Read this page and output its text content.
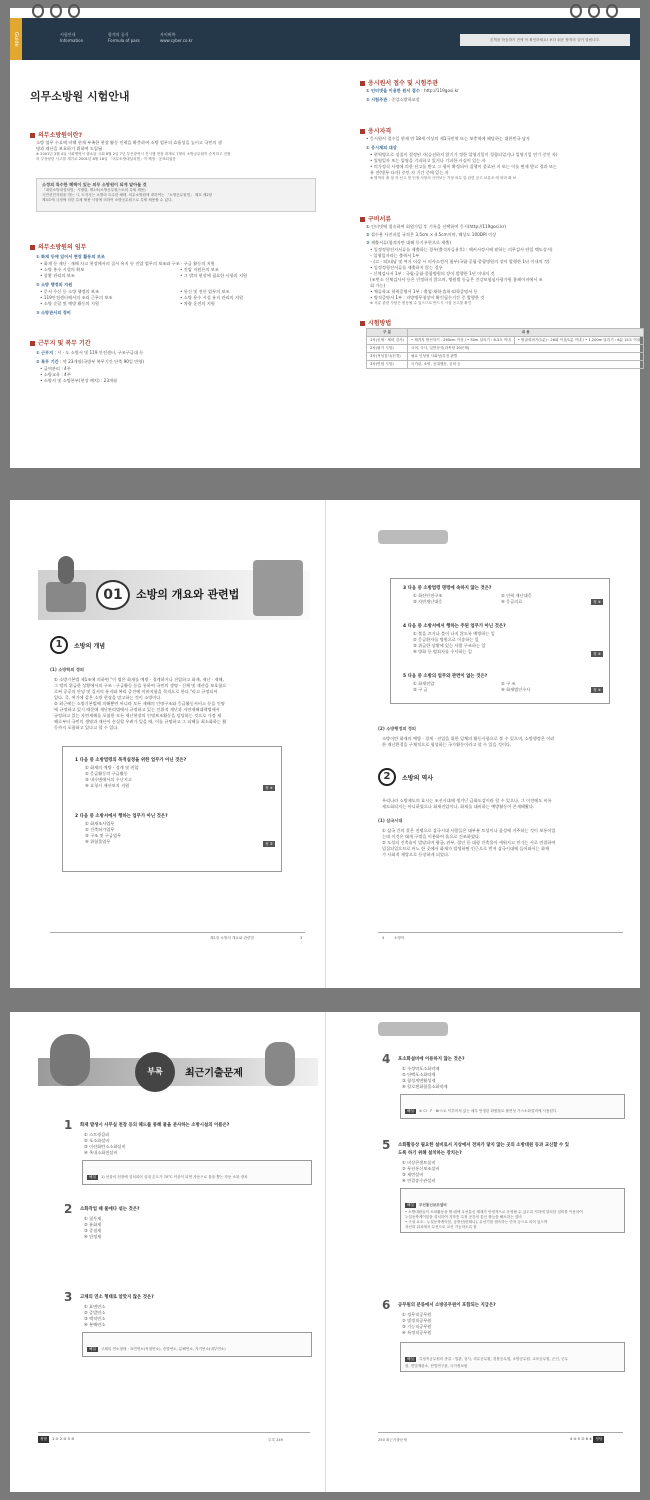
Guide	시험안내
Information
합격의 공식
Formula of pass
사이버북
www.cyber.co.kr	본책을 학습하기 전에 꼭 확인하세요! 보다 쉬운 합격의 길이 열립니다.
의무소방원 시험안내
의무소방원이란?
소방 업무 수요에 비해 현재 부족한 현장 활동 인력을 확충하여 소방 업무의 효율성을 높이고 국민의 생
명과 재산을 보호하기 위하여 도입됨
※ 2001년 3월 4일 사회병역시 출소된 국회 8월 2일 7년 부산광역시 전시행 현장 화재로 7명의 소방공무원이 순직하고 전원
의 부상당한 사고를 계기로 2001년 8월 18일 「의무소방대설치법」이 제정 · 공표되었음
소정의 특수한 혜택이 있는 의무 소방원이 되게 알아둘 것
「대한소방대설치법」시행령, 제1조(소방공무원으로의 특채 채용)
국민선전자원을 하는 시, 도지사는 소방의 특수한 혜택, 의무소방원에 대하여는 「소방공무원법」 제호 제2항
제3호에 규정에 의한 특채 채용 시험에 의하여 소방공무원으로 특채 채용할 수 있다.
의무소방원의 임무
① 화재 등에 있어서 현장 활동의 보조
• 화재 등 재난 · 재해 사고 현장에서의 질서 유지 등 진압 업무의 보조와 구조 · 구급 활동의 지원
• 소방 홍수 시설의 확보
• 상황 관리의 보조
• 진압 지원론의 보조
• 그 밖의 현장에 필요한 사항의 지원
② 소방 행정의 지원
• 문서 수신 등 소방 행정의 보조
• 119안전센터에서의 조리 근무의 보조
• 소방 순찰 및 예방 활동의 지원
• 통신 및 전산 업무의 보조
• 소방 용수 시설 유지 관리의 지원
• 차량 운전의 지원
③ 소방관서의 경비
근무지 및 복무 기간
① 근무지 : 시 · 도 소방서 및 119 안전센터, 구조구급대 등
② 복무 기간 : 약 23개월(국방부 복무기간 단축 90일 반영)
• 급여관리 : 4주
• 소방교육 : 4주
• 소방서 및 소방본부(현장 배치) : 23개월
응시원서 접수 및 시험주관
① 인터넷을 이용한 원서 접수 : http://119gosi.kr
② 시험주관 : 중앙소방학교장
응시자격
• 응시원서 접수일 현재 만 18세 이상의 제1국민역 또는 보충역에 해당하는 대한민국 남자
① 응시제외 대상
• 현역병으로 징집이 결정된 자(승선하지 않기가 정한 입영기일이 경합되었거나 입영기일 연기 중인 자)
• 입영일자 또는 입영을 기피하고 있거나 기피한 사실이 있는 자
• 의가정식 사정에 의한 선고를 받고 그 형이 확정되어 집행이 종료된 지 또는 이를 면제 받고 경과 또는
유 전(병무·다자) 중인 자 기간 중에 있는 자
※ 병역의 출 형 자 선고 및 인정 사항의 사전보는 거형 의무 및 관한 공고 보유조 에 따라 확 보
구비서류
① 인터넷에 접속하여 회원가입 후 기록을 선택하여 응시(http://119gosi.kr)
② 접수용 사진파일 규격은 3.5cm × 4.5cm이며, 해상도 100DPI 이상
③ 제출서류(합격자만 대해 등기우편으로 제출)
• 일정정형진지서류를 제출하는 경우(출석자들유후) : 해커서정시에 팔하는 의무검사 단일 맥도상서)
– 입영일자라는 출력서 1부
– (고 · 퇴)대남 및 여거 이상 시 의사소견서 첨부(국립·공립·종합병원의 장이 발행한 1년 이내의 것)
• 일정정형진서류를 제출하지 않는 경우
– 신체검사서 1부 : 국립·공립·종합병원의 장이 발행한 1년 이내의 것
(조빈소 신체검사서 등은 인정하지 않으며, 병원별 등급은 건강보험심사평가원 홈페이지에서 조
회 가능)
• 체류학교 학력증명서 1부 : 출업·재학·휴학·퇴학증명서 등
• 병적증명서 1부 : 지방병무청장이 확인필수기간 중 발행한 것
※ 서류 관련 사항은 변동될 수 있으므로 반드시 시험 공고를 확인
시험방법
구 분	내 용	
1차(신체 · 체력 검사)	• 체격지 합선하기 : 265cm 이상 / • 50m 달리기 : 8.3초 이내	• 팔굽혀펴기(1분) : 26회 이상/1분 이내 / • 1,200m 달리기 : 6분 15초 이내
2차(필기 시험)	국어, 국사, 일반상식(과목당 20문제)	
3차(적성검사/신경)	필요 인성형 사회성/특징 판별	
3차(면접 시험)	국가관, 소양, 응대행동, 공의 등	
01	소방의 개요와 관련법
1	소방의 개념
(1) 소방학의 정의
① 소방기본법 제1조에 의하면 "이 법은 화재를 예방 · 경계하거나 진압하고 화재, 재난 · 재해,
그 밖의 위급한 상황에서의 구조 · 구급활동 등을 통하여 국민의 생명 · 신체 및 재산을 보호함으
로써 공공의 안녕 및 질서의 유지와 복리 증진에 이바지함을 목적으로 한다."라고 규정되어
있다. 즉, 여기에 같은 소방 현장을 말고하는 것이 소방이다.
② 최근에는 소방기본법에 의해뿐만 아니라 모든 재해의 인명구조와 응급활동서비스 등을 인명
에 규정하고 있기 때문에 재난관리법에서 규정하고 있는 인위적 재난과 자연재해대책법에서
규정하고 있는 자연재해를 포함한 모든 재난현장의 인명보조활동을 담당하는 것으로 가정 재
해로부터 국민의 생명과 재산이 손실할 우려가 있을 때, 이를 규명하고 그 피해를 최소화하는 활
동까지 포함하고 있다고 할 수 있다.
1 다음 중 소방법령의 목적실정을 위한 업무가 아닌 것은?
① 화재의 예방 · 경계 및 진압
② 응급활동의 구급활동
③ 내수면에서의 수난지고
④ 요청시 재산보지 지원	정 ④
2 다음 중 소방서에서 행하는 업무가 아닌 것은?
① 화재조사업무
② 건축허가업무
③ 구조 및 구급업무
④ 위험물업무	정 ②
제1장 소방의 개요와 관련법	3
3 다음 중 소방법령 명령에 속하지 않는 것은?
① 화산안전구조
③ 자연재난대응
② 인력 재난대응
④ 응급의료	정 ④
4 다음 중 소방서에서 행하는 주된 업무가 아닌 것은?
① 불을 끄거나 불이 나지 않도록 예방하는 일
② 응급환자를 병원으로 이송하는 일
③ 위급한 상황에 있는 사람 구조하는 일
④ 방화 등 범죄자를 수사하는 일	정 ④
5 다음 중 소방의 업무와 관련이 없는 것은?
① 화재진압
③ 구 급
② 구 조
④ 화재범인수사	정 ④
(2) 소방행정의 정의
소방이란 화재의 예방 · 경계 · 진압을 위한 일체의 활동사항으로 볼 수 있으며, 소방행정은 이러
한 재난환경을 구체적으로 형성하는 국가활동이라고 할 수 있을 것이다.
2	소방의 역사
우리나라 소방제도의 효시는 조선시대에 생겨난 금화도감이라 할 수 있으나, 그 이전에도 비록
제도화되지는 아니하였으나 화재진압이나, 화재를 대비하는 예방활동이 존재해왔다.
(1) 삼국시대
① 삼국 간의 잦은 전쟁으로 삼국시대 사람들은 대부분 토성이나 움성에 거주하는 것이 보통이었
는데 이것은 대개 구별을 이용하여 흙으로 건조하였다.
② 도성의 건축술이 발달되며 왕궁, 관부, 절인 등 대형 건축물이 세워지고 민가는 서로 연결하여
밀집되었으므로 어느 한 곳에서 화재가 발생하면 인근으로 번져 삼국시대에 들어와서는 화재
가 사회적 재앙으로 등장하게 되었다.
4	소방학
부록	최근기출문제
1 화재 발생시 사무실 천장 등의 헤드를 통해 물을 분사하는 소방시설의 이름은?
① 스프링클러
② 포소화설비
③ 이산화탄소소화설비
④ 옥내소화전설비
해설 1) 선물의 천장에 설치되어 실내 온도가 70°C 이상이 되면 자동으로 물을 뿜는 자동 소화 장치
2 소화작업 때 물에다 섞는 것은?
① 침투제
② 유화제
③ 증점제
④ 안정제
3 고체의 연소 형태로 알맞지 않은 것은?
① 표면연소
② 증발연소
③ 액적연소
④ 분해연소
해설 고체의 연소형태 : 표면연소(직접연소), 증발연소, 분해연소, 자기연소(내부연소)
정답 1 ① 2 ③ 3 ③	부록 249
4 포소화설비에 이용하지 않는 것은?
① 수성막포소화약제
② 단백포소화약제
③ 합성계면활성제
④ 할로겐화합물소화약제
해설 ④ Cl · F · Br으로 이루어져 있는 매우 안정한 화합물로 불연성 가스소화설비에 사용된다.
5 소화활동상 필요한 설비로서 지상에서 전파가 닿지 않는 곳의 소방대원 등과 교신할 수 있
도록 하기 위해 설치하는 장치는?
① 비상콘센트설비
② 무선통신보조설비
③ 제연설비
④ 연결송수관설비
해설 무선통신보조설비
• 소방대원들이 소화활동을 할 때에 무선통신 체계가 안정적으로 운영될 수 있도록 지하에 설치한 설비를 이용하여
누설동축케이블을 설치하여 지하층 특정 공간의 통신 불능을 해소하는 설비
• 구성 요소 : 누설동축케이블, 공중선(안테나), 무선기를 접속하는 단자 등으로 되어 있으며
자신의 위치에서 무선으로 교신 가능하도록 함
6 공무원의 분류에서 소방공무원이 포함되는 지급은?
① 정무직공무원
② 별정직공무원
③ 기능직공무원
④ 특정직공무원
해설 특정직공무원의 종류 : 법관, 검사, 외무공무원, 경찰공무원, 소방공무원, 교육공무원, 군인, 군무
원, 헌법재판소, 헌법연구관, 국가정보원
250 최근기출문제	4 ④ 5 ② 6 ④ 정답
